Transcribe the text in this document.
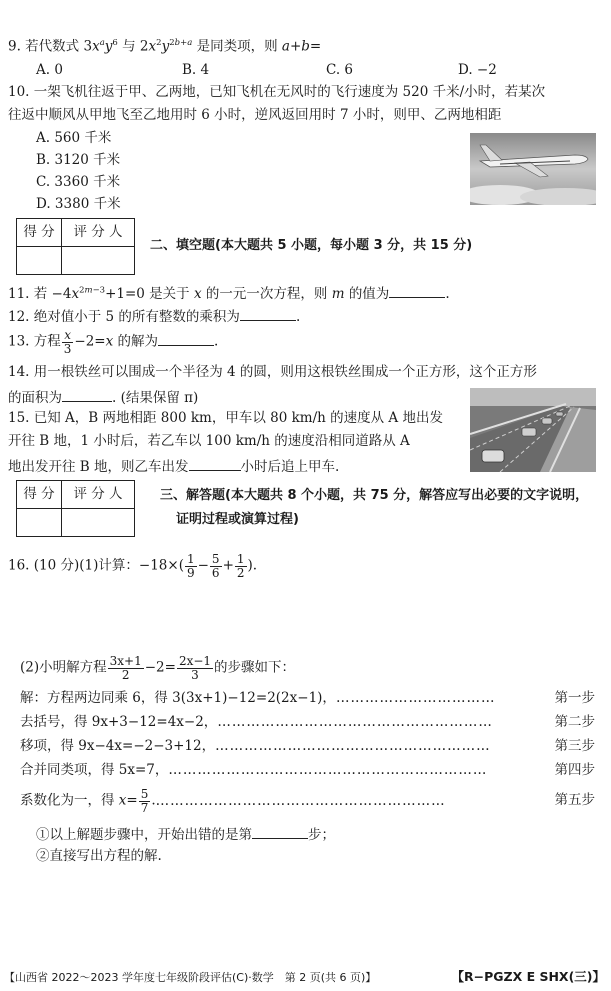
9. 若代数式 $3x^ay^6$ 与 $2x^2y^{2b+a}$ 是同类项，则 a+b=
A. 0	B. 4	C. 6	D. −2
10. 一架飞机往返于甲、乙两地，已知飞机在无风时的飞行速度为 520 千米/小时，若某次
往返中顺风从甲地飞至乙地用时 6 小时，逆风返回用时 7 小时，则甲、乙两地相距
A. 560 千米
B. 3120 千米
C. 3360 千米
D. 3380 千米
得 分	评 分 人

二、填空题(本大题共 5 小题，每小题 3 分，共 15 分)
11. 若 $-4x^{2m-3}+1=0$ 是关于 x 的一元一次方程，则 m 的值为	.
12. 绝对值小于 5 的所有整数的乘积为	.
13. 方程 $\frac{x}{3} -2=x$ 的解为	.
14. 用一根铁丝可以围成一个半径为 4 的圆，则用这根铁丝围成一个正方形，这个正方形
的面积为	. (结果保留 π)
15. 已知 A，B 两地相距 800 km，甲车以 80 km/h 的速度从 A 地出发
开往 B 地，1 小时后，若乙车以 100 km/h 的速度沿相同道路从 A
地出发开往 B 地，则乙车出发	小时后追上甲车.
得 分	评 分 人
		三、解答题(本大题共 8 个小题，共 75 分，解答应写出必要的文字说明，
证明过程或演算过程)
16. (10 分)(1)计算：$-18\times( \frac{1}{9} - \frac{5}{6} + \frac{1}{2}$ ).
(2)小明解方程 $\frac{3x+1}{2} -2= \frac{2x-1}{3}$ 的步骤如下：
解：方程两边同乘 6，得 3(3x+1)−12=2(2x−1)，……………………………	第一步
去括号，得 9x+3−12=4x−2，…………………………………………………	第二步
移项，得 9x−4x=−2−3+12，…………………………………………………	第三步
合并同类项，得 5x=7，…………………………………………………………	第四步
系数化为一，得 $x= \frac{5}{7}$ .……………………………………………………	第五步
①以上解题步骤中，开始出错的是第	步；
②直接写出方程的解.
【山西省 2022～2023 学年度七年级阶段评估(C)·数学　第 2 页(共 6 页)】	【R−PGZX E SHX(三)】
